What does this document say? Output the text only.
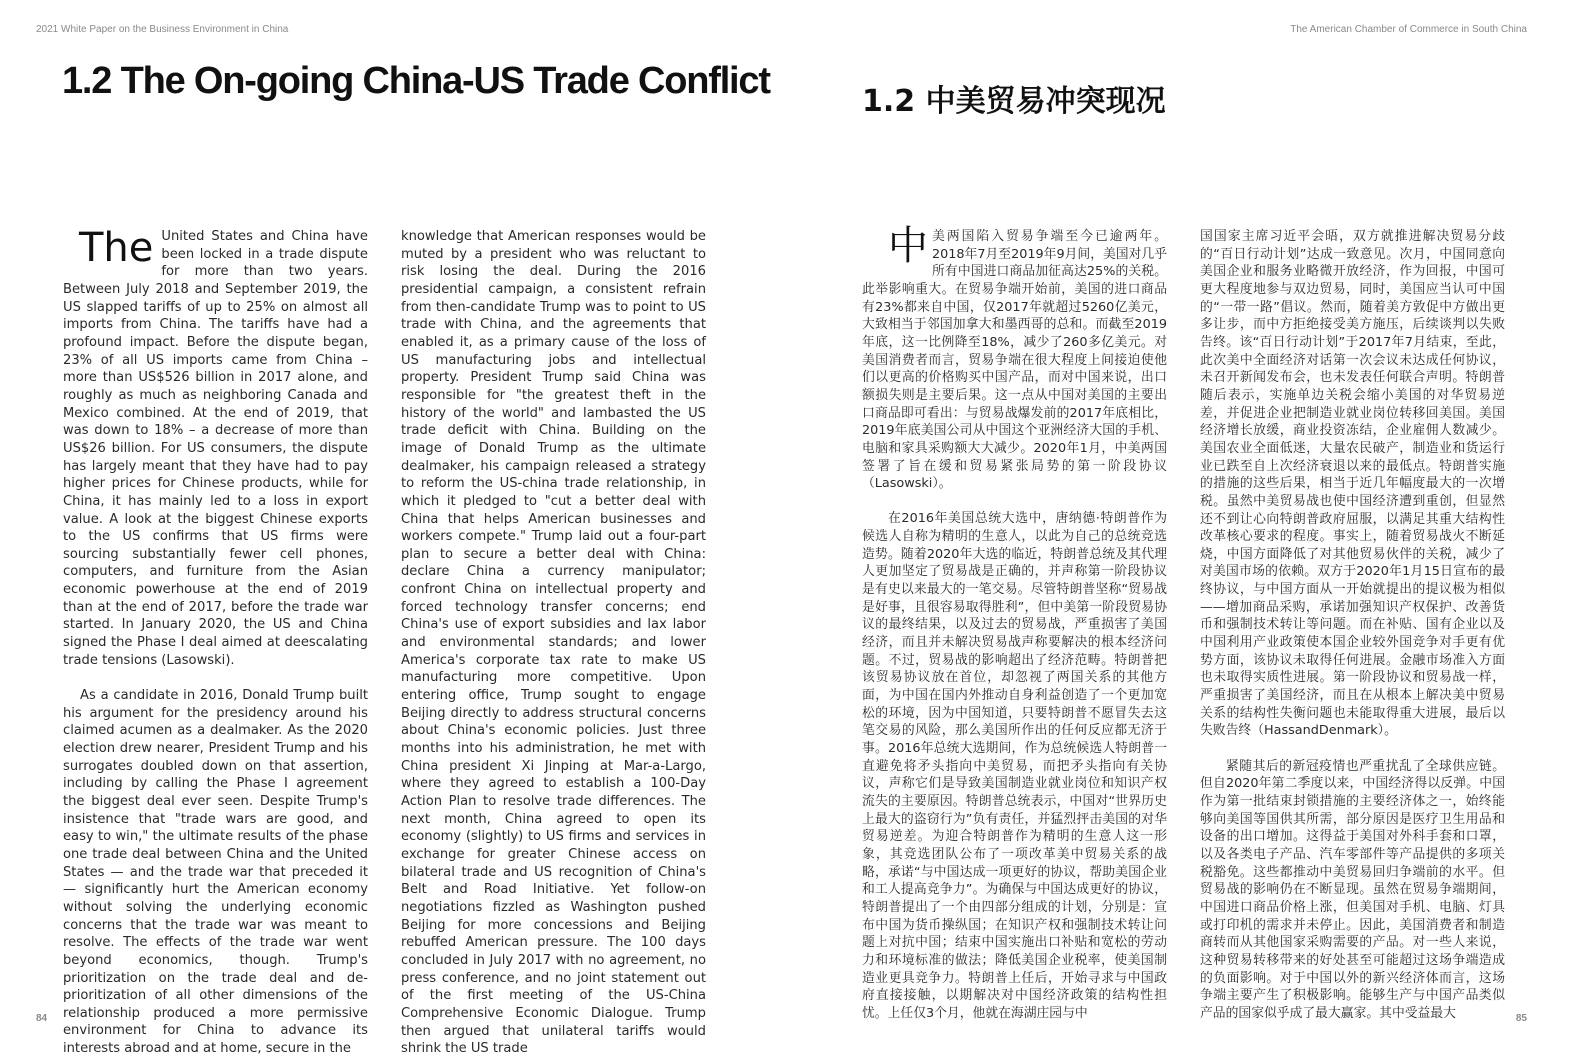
2021 White Paper on the Business Environment in China	The American Chamber of Commerce in South China
1.2 The On-going China-US Trade Conflict	1.2 中美贸易冲突现况

The United States and China have been locked in a trade dispute for more than two years. Between July 2018 and September 2019, the US slapped tariffs of up to 25% on almost all imports from China. The tariffs have had a profound impact. Before the dispute began, 23% of all US imports came from China – more than US$526 billion in 2017 alone, and roughly as much as neighboring Canada and Mexico combined. At the end of 2019, that was down to 18% – a decrease of more than US$26 billion. For US consumers, the dispute has largely meant that they have had to pay higher prices for Chinese products, while for China, it has mainly led to a loss in export value. A look at the biggest Chinese exports to the US confirms that US firms were sourcing substantially fewer cell phones, computers, and furniture from the Asian economic powerhouse at the end of 2019 than at the end of 2017, before the trade war started. In January 2020, the US and China signed the Phase I deal aimed at deescalating trade tensions (Lasowski).

As a candidate in 2016, Donald Trump built his argument for the presidency around his claimed acumen as a dealmaker. As the 2020 election drew nearer, President Trump and his surrogates doubled down on that assertion, including by calling the Phase I agreement the biggest deal ever seen. Despite Trump's insistence that "trade wars are good, and easy to win," the ultimate results of the phase one trade deal between China and the United States — and the trade war that preceded it — significantly hurt the American economy without solving the underlying economic concerns that the trade war was meant to resolve. The effects of the trade war went beyond economics, though. Trump's prioritization on the trade deal and de-prioritization of all other dimensions of the relationship produced a more permissive environment for China to advance its interests abroad and at home, secure in the

knowledge that American responses would be muted by a president who was reluctant to risk losing the deal. During the 2016 presidential campaign, a consistent refrain from then-candidate Trump was to point to US trade with China, and the agreements that enabled it, as a primary cause of the loss of US manufacturing jobs and intellectual property. President Trump said China was responsible for "the greatest theft in the history of the world" and lambasted the US trade deficit with China. Building on the image of Donald Trump as the ultimate dealmaker, his campaign released a strategy to reform the US-china trade relationship, in which it pledged to "cut a better deal with China that helps American businesses and workers compete." Trump laid out a four-part plan to secure a better deal with China: declare China a currency manipulator; confront China on intellectual property and forced technology transfer concerns; end China's use of export subsidies and lax labor and environmental standards; and lower America's corporate tax rate to make US manufacturing more competitive. Upon entering office, Trump sought to engage Beijing directly to address structural concerns about China's economic policies. Just three months into his administration, he met with China president Xi Jinping at Mar-a-Largo, where they agreed to establish a 100-Day Action Plan to resolve trade differences. The next month, China agreed to open its economy (slightly) to US firms and services in exchange for greater Chinese access on bilateral trade and US recognition of China's Belt and Road Initiative. Yet follow-on negotiations fizzled as Washington pushed Beijing for more concessions and Beijing rebuffed American pressure. The 100 days concluded in July 2017 with no agreement, no press conference, and no joint statement out of the first meeting of the US-China Comprehensive Economic Dialogue. Trump then argued that unilateral tariffs would shrink the US trade

中美两国陷入贸易争端至今已逾两年。2018年7月至2019年9月间，美国对几乎所有中国进口商品加征高达25%的关税。此举影响重大。在贸易争端开始前，美国的进口商品有23%都来自中国，仅2017年就超过5260亿美元，大致相当于邻国加拿大和墨西哥的总和。而截至2019年底，这一比例降至18%，减少了260多亿美元。对美国消费者而言，贸易争端在很大程度上间接迫使他们以更高的价格购买中国产品，而对中国来说，出口额损失则是主要后果。这一点从中国对美国的主要出口商品即可看出：与贸易战爆发前的2017年底相比，2019年底美国公司从中国这个亚洲经济大国的手机、电脑和家具采购额大大减少。2020年1月，中美两国签署了旨在缓和贸易紧张局势的第一阶段协议（Lasowski）。

在2016年美国总统大选中，唐纳德·特朗普作为候选人自称为精明的生意人，以此为自己的总统竞选造势。随着2020年大选的临近，特朗普总统及其代理人更加坚定了贸易战是正确的，并声称第一阶段协议是有史以来最大的一笔交易。尽管特朗普坚称“贸易战是好事，且很容易取得胜利”，但中美第一阶段贸易协议的最终结果，以及过去的贸易战，严重损害了美国经济，而且并未解决贸易战声称要解决的根本经济问题。不过，贸易战的影响超出了经济范畴。特朗普把该贸易协议放在首位，却忽视了两国关系的其他方面，为中国在国内外推动自身利益创造了一个更加宽松的环境，因为中国知道，只要特朗普不愿冒失去这笔交易的风险，那么美国所作出的任何反应都无济于事。2016年总统大选期间，作为总统候选人特朗普一直避免将矛头指向中美贸易，而把矛头指向有关协议，声称它们是导致美国制造业就业岗位和知识产权流失的主要原因。特朗普总统表示，中国对“世界历史上最大的盗窃行为”负有责任，并猛烈抨击美国的对华贸易逆差。为迎合特朗普作为精明的生意人这一形象，其竞选团队公布了一项改革美中贸易关系的战略，承诺“与中国达成一项更好的协议，帮助美国企业和工人提高竞争力”。为确保与中国达成更好的协议，特朗普提出了一个由四部分组成的计划，分别是：宣布中国为货币操纵国；在知识产权和强制技术转让问题上对抗中国；结束中国实施出口补贴和宽松的劳动力和环境标准的做法；降低美国企业税率，使美国制造业更具竞争力。特朗普上任后，开始寻求与中国政府直接接触，以期解决对中国经济政策的结构性担忧。上任仅3个月，他就在海湖庄园与中

国国家主席习近平会晤，双方就推进解决贸易分歧的“百日行动计划”达成一致意见。次月，中国同意向美国企业和服务业略微开放经济，作为回报，中国可更大程度地参与双边贸易，同时，美国应当认可中国的“一带一路”倡议。然而，随着美方敦促中方做出更多让步，而中方拒绝接受美方施压，后续谈判以失败告终。该“百日行动计划”于2017年7月结束，至此，此次美中全面经济对话第一次会议未达成任何协议，未召开新闻发布会，也未发表任何联合声明。特朗普随后表示，实施单边关税会缩小美国的对华贸易逆差，并促进企业把制造业就业岗位转移回美国。美国经济增长放缓，商业投资冻结，企业雇佣人数减少。美国农业全面低迷，大量农民破产，制造业和货运行业已跌至自上次经济衰退以来的最低点。特朗普实施的措施的这些后果，相当于近几年幅度最大的一次增税。虽然中美贸易战也使中国经济遭到重创，但显然还不到让心向特朗普政府屈服，以满足其重大结构性改革核心要求的程度。事实上，随着贸易战火不断延烧，中国方面降低了对其他贸易伙伴的关税，减少了对美国市场的依赖。双方于2020年1月15日宣布的最终协议，与中国方面从一开始就提出的提议极为相似——增加商品采购，承诺加强知识产权保护、改善货币和强制技术转让等问题。而在补贴、国有企业以及中国利用产业政策使本国企业较外国竞争对手更有优势方面，该协议未取得任何进展。金融市场准入方面也未取得实质性进展。第一阶段协议和贸易战一样，严重损害了美国经济，而且在从根本上解决美中贸易关系的结构性失衡问题也未能取得重大进展，最后以失败告终（HassandDenmark）。

紧随其后的新冠疫情也严重扰乱了全球供应链。但自2020年第二季度以来，中国经济得以反弹。中国作为第一批结束封锁措施的主要经济体之一，始终能够向美国等国供其所需，部分原因是医疗卫生用品和设备的出口增加。这得益于美国对外科手套和口罩，以及各类电子产品、汽车零部件等产品提供的多项关税豁免。这些都推动中美贸易回归争端前的水平。但贸易战的影响仍在不断显现。虽然在贸易争端期间，中国进口商品价格上涨，但美国对手机、电脑、灯具或打印机的需求并未停止。因此，美国消费者和制造商转而从其他国家采购需要的产品。对一些人来说，这种贸易转移带来的好处甚至可能超过这场争端造成的负面影响。对于中国以外的新兴经济体而言，这场争端主要产生了积极影响。能够生产与中国产品类似产品的国家似乎成了最大赢家。其中受益最大

84	85
